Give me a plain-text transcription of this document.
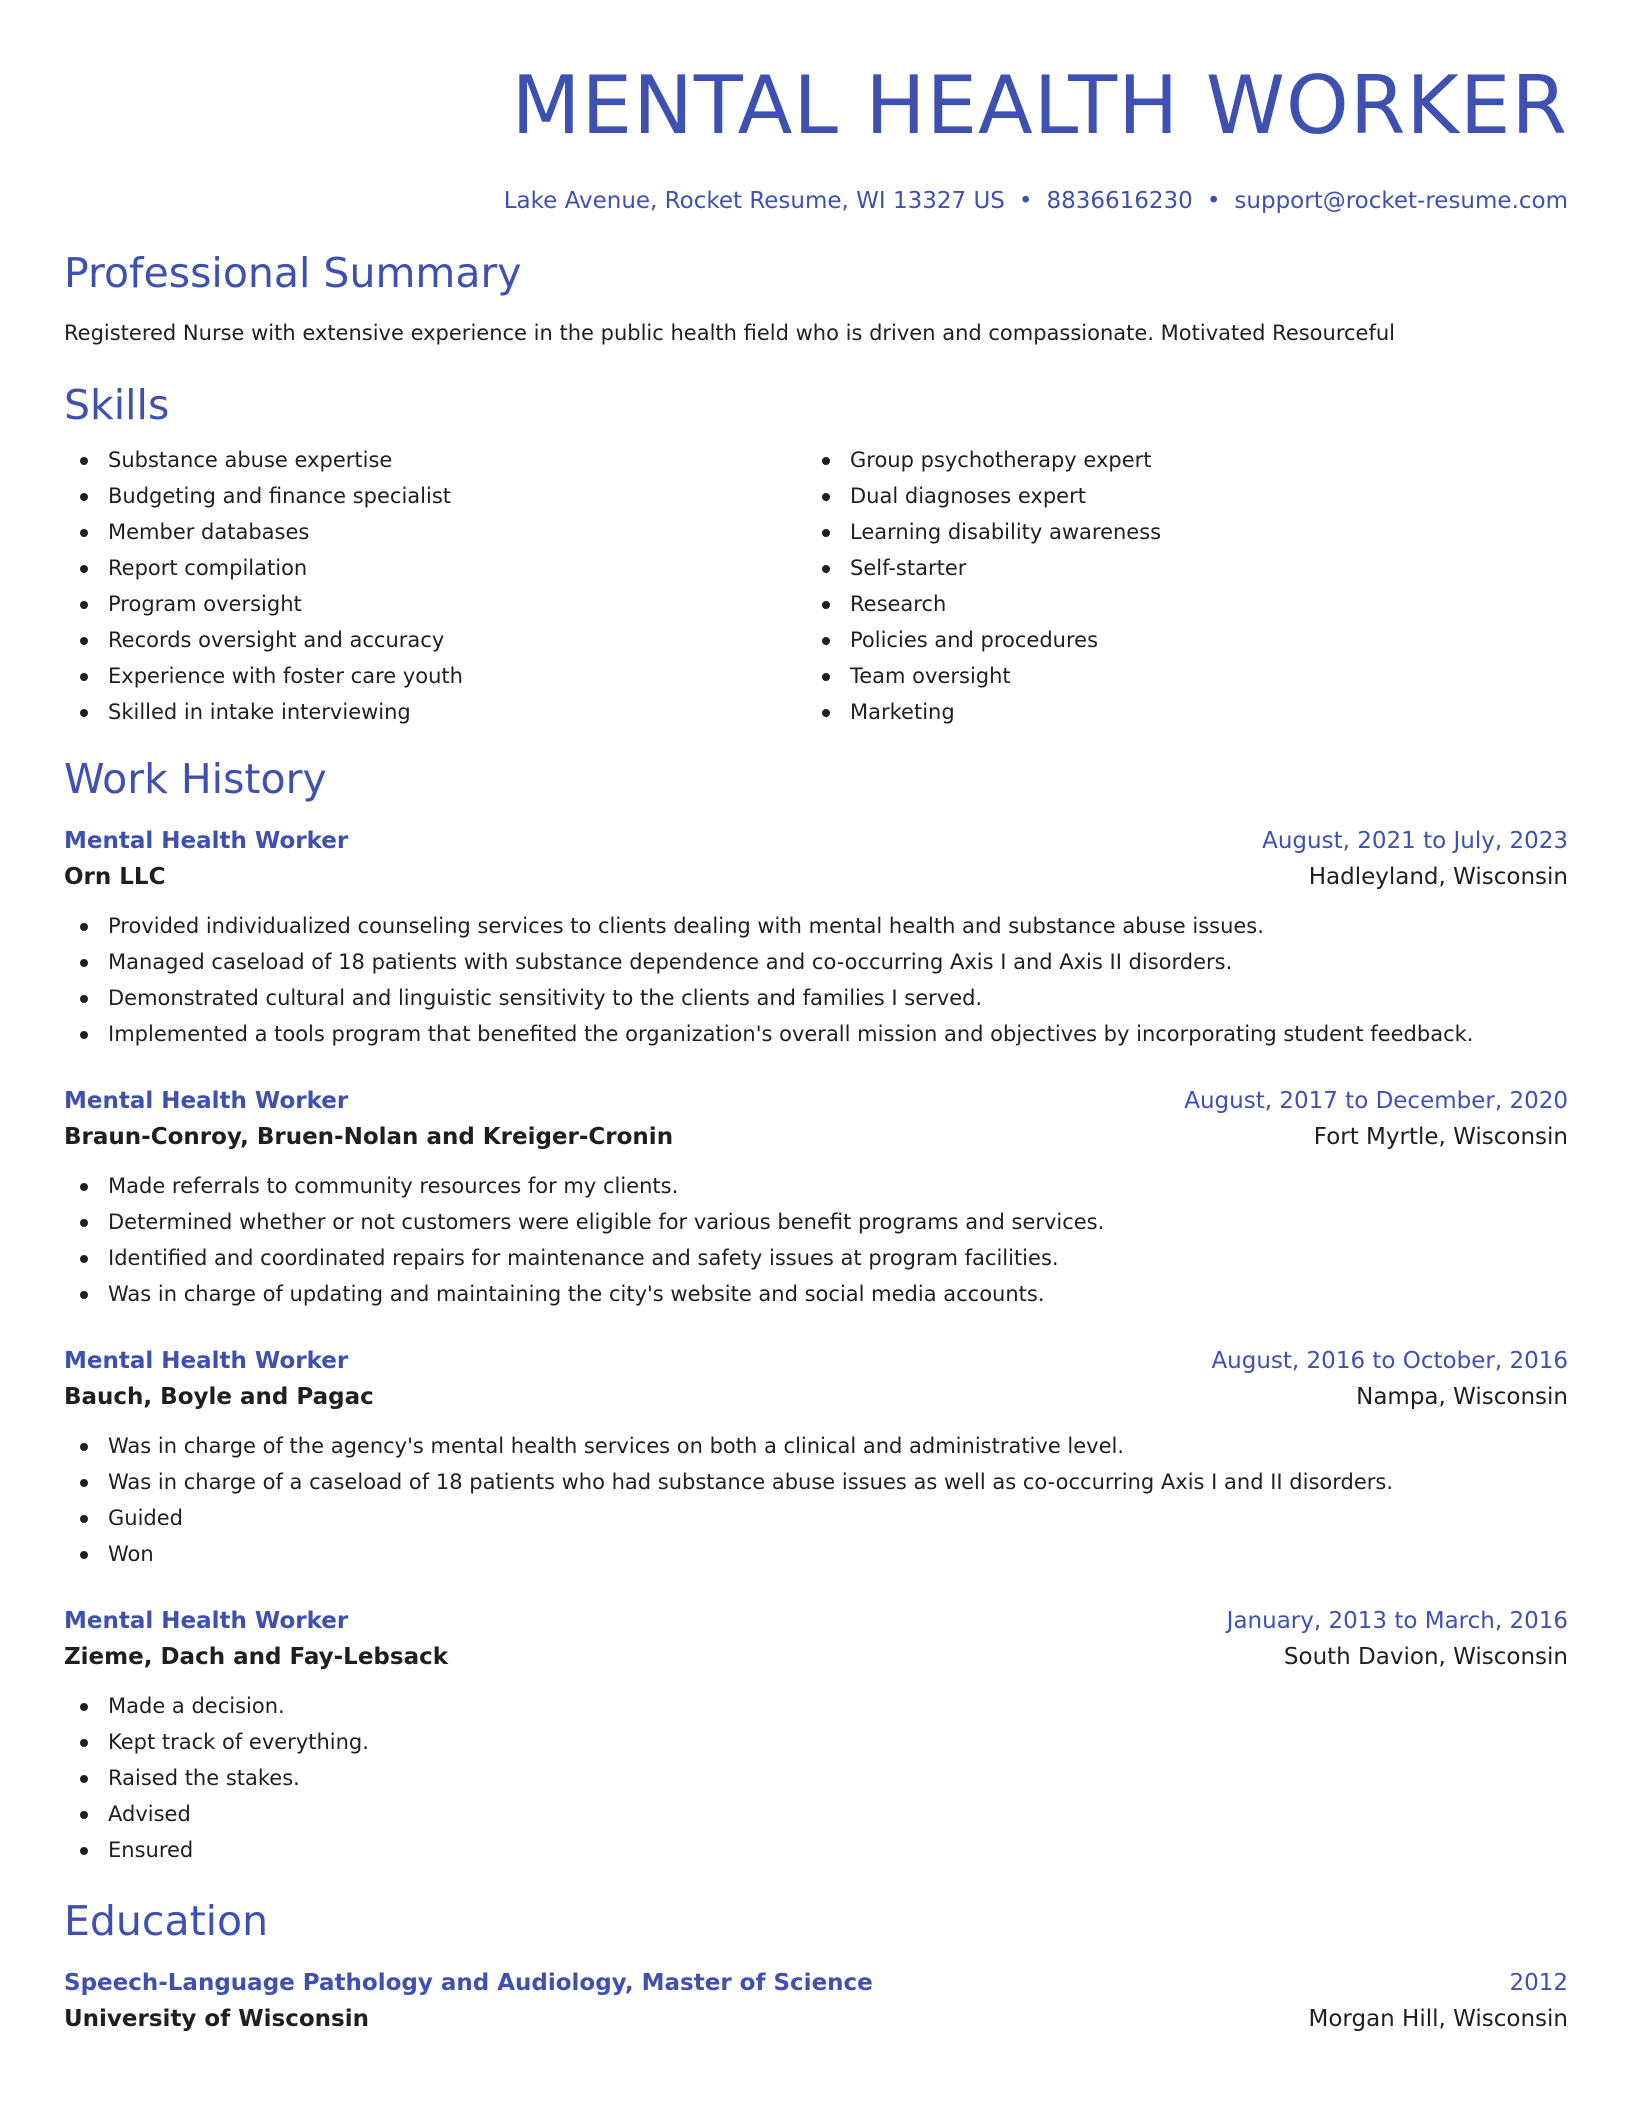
MENTAL HEALTH WORKER
Lake Avenue, Rocket Resume, WI 13327 US • 8836616230 • support@rocket-resume.com
Professional Summary

Registered Nurse with extensive experience in the public health field who is driven and compassionate. Motivated Resourceful

Skills
Substance abuse expertise
Budgeting and finance specialist
Member databases
Report compilation
Program oversight
Records oversight and accuracy
Experience with foster care youth
Skilled in intake interviewing
Group psychotherapy expert
Dual diagnoses expert
Learning disability awareness
Self-starter
Research
Policies and procedures
Team oversight
Marketing
Work History
Mental Health Worker	August, 2021 to July, 2023
Orn LLC	Hadleyland, Wisconsin
Provided individualized counseling services to clients dealing with mental health and substance abuse issues.
Managed caseload of 18 patients with substance dependence and co-occurring Axis I and Axis II disorders.
Demonstrated cultural and linguistic sensitivity to the clients and families I served.
Implemented a tools program that benefited the organization's overall mission and objectives by incorporating student feedback.
Mental Health Worker	August, 2017 to December, 2020
Braun-Conroy, Bruen-Nolan and Kreiger-Cronin	Fort Myrtle, Wisconsin
Made referrals to community resources for my clients.
Determined whether or not customers were eligible for various benefit programs and services.
Identified and coordinated repairs for maintenance and safety issues at program facilities.
Was in charge of updating and maintaining the city's website and social media accounts.
Mental Health Worker	August, 2016 to October, 2016
Bauch, Boyle and Pagac	Nampa, Wisconsin
Was in charge of the agency's mental health services on both a clinical and administrative level.
Was in charge of a caseload of 18 patients who had substance abuse issues as well as co-occurring Axis I and II disorders.
Guided
Won
Mental Health Worker	January, 2013 to March, 2016
Zieme, Dach and Fay-Lebsack	South Davion, Wisconsin
Made a decision.
Kept track of everything.
Raised the stakes.
Advised
Ensured
Education
Speech-Language Pathology and Audiology, Master of Science	2012
University of Wisconsin	Morgan Hill, Wisconsin
